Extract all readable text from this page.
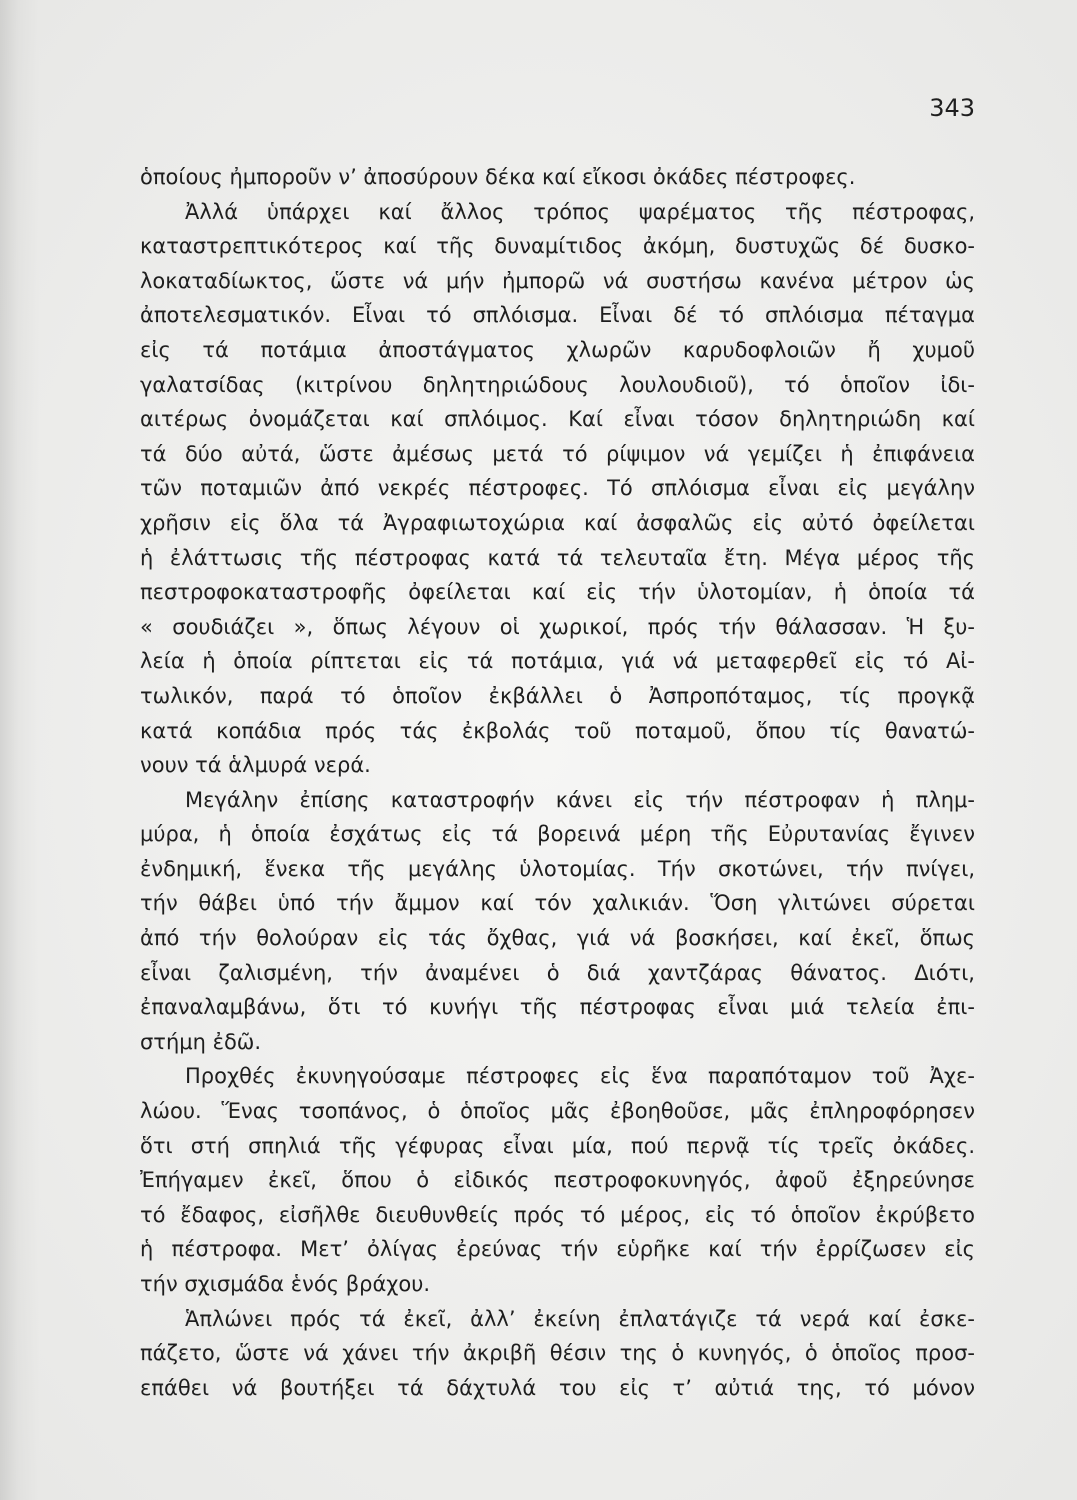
343
ὁποίους ἠμποροῦν ν’ ἀποσύρουν δέκα καί εἴκοσι ὀκάδες πέστροφες.
Ἀλλά ὑπάρχει καί ἄλλος τρόπος ψαρέματος τῆς πέστροφας,
καταστρεπτικότερος καί τῆς δυναμίτιδος ἀκόμη, δυστυχῶς δέ δυσκο-
λοκαταδίωκτος, ὥστε νά μήν ἠμπορῶ νά συστήσω κανένα μέτρον ὡς
ἀποτελεσματικόν. Εἶναι τό σπλόισμα. Εἶναι δέ τό σπλόισμα πέταγμα
εἰς τά ποτάμια ἀποστάγματος χλωρῶν καρυδοφλοιῶν ἤ χυμοῦ
γαλατσίδας (κιτρίνου δηλητηριώδους λουλουδιοῦ), τό ὁποῖον ἰδι-
αιτέρως ὀνομάζεται καί σπλόιμος. Καί εἶναι τόσον δηλητηριώδη καί
τά δύο αὐτά, ὥστε ἀμέσως μετά τό ρίψιμον νά γεμίζει ἡ ἐπιφάνεια
τῶν ποταμιῶν ἀπό νεκρές πέστροφες. Τό σπλόισμα εἶναι εἰς μεγάλην
χρῆσιν εἰς ὅλα τά Ἀγραφιωτοχώρια καί ἀσφαλῶς εἰς αὐτό ὀφείλεται
ἡ ἐλάττωσις τῆς πέστροφας κατά τά τελευταῖα ἔτη. Μέγα μέρος τῆς
πεστροφοκαταστροφῆς ὀφείλεται καί εἰς τήν ὑλοτομίαν, ἡ ὁποία τά
« σουδιάζει », ὅπως λέγουν οἱ χωρικοί, πρός τήν θάλασσαν. Ἡ ξυ-
λεία ἡ ὁποία ρίπτεται εἰς τά ποτάμια, γιά νά μεταφερθεῖ εἰς τό Αἰ-
τωλικόν, παρά τό ὁποῖον ἐκβάλλει ὁ Ἀσπροπόταμος, τίς προγκᾷ
κατά κοπάδια πρός τάς ἐκβολάς τοῦ ποταμοῦ, ὅπου τίς θανατώ-
νουν τά ἁλμυρά νερά.
Μεγάλην ἐπίσης καταστροφήν κάνει εἰς τήν πέστροφαν ἡ πλημ-
μύρα, ἡ ὁποία ἐσχάτως εἰς τά βορεινά μέρη τῆς Εὐρυτανίας ἔγινεν
ἐνδημική, ἕνεκα τῆς μεγάλης ὑλοτομίας. Τήν σκοτώνει, τήν πνίγει,
τήν θάβει ὑπό τήν ἄμμον καί τόν χαλικιάν. Ὅση γλιτώνει σύρεται
ἀπό τήν θολούραν εἰς τάς ὄχθας, γιά νά βοσκήσει, καί ἐκεῖ, ὅπως
εἶναι ζαλισμένη, τήν ἀναμένει ὁ διά χαντζάρας θάνατος. Διότι,
ἐπαναλαμβάνω, ὅτι τό κυνήγι τῆς πέστροφας εἶναι μιά τελεία ἐπι-
στήμη ἐδῶ.
Προχθές ἐκυνηγούσαμε πέστροφες εἰς ἕνα παραπόταμον τοῦ Ἀχε-
λώου. Ἕνας τσοπάνος, ὁ ὁποῖος μᾶς ἐβοηθοῦσε, μᾶς ἐπληροφόρησεν
ὅτι στή σπηλιά τῆς γέφυρας εἶναι μία, πού περνᾷ τίς τρεῖς ὀκάδες.
Ἐπήγαμεν ἐκεῖ, ὅπου ὁ εἰδικός πεστροφοκυνηγός, ἀφοῦ ἐξηρεύνησε
τό ἔδαφος, εἰσῆλθε διευθυνθείς πρός τό μέρος, εἰς τό ὁποῖον ἐκρύβετο
ἡ πέστροφα. Μετ’ ὀλίγας ἐρεύνας τήν εὑρῆκε καί τήν ἐρρίζωσεν εἰς
τήν σχισμάδα ἑνός βράχου.
Ἁπλώνει πρός τά ἐκεῖ, ἀλλ’ ἐκείνη ἐπλατάγιζε τά νερά καί ἐσκε-
πάζετο, ὥστε νά χάνει τήν ἀκριβῆ θέσιν της ὁ κυνηγός, ὁ ὁποῖος προσ-
επάθει νά βουτήξει τά δάχτυλά του εἰς τ’ αὐτιά της, τό μόνον
